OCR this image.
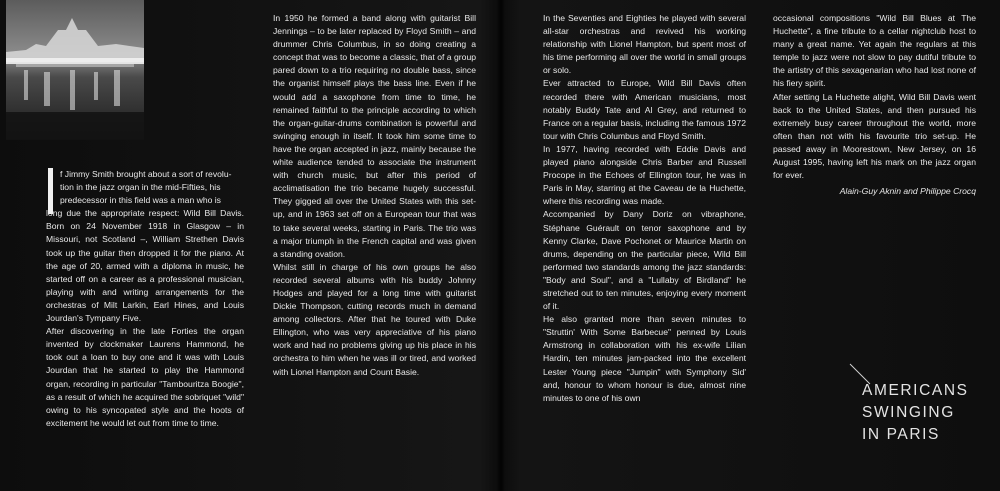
f Jimmy Smith brought about a sort of revolu-
tion in the jazz organ in the mid-Fifties, his
predecessor in this field was a man who is
long due the appropriate respect: Wild Bill Davis. Born on 24 November 1918 in Glasgow – in Missouri, not Scotland –, William Strethen Davis took up the guitar then dropped it for the piano. At the age of 20, armed with a diploma in music, he started off on a career as a professional musician, playing with and writing arrangements for the orchestras of Milt Larkin, Earl Hines, and Louis Jourdan's Tympany Five.

After discovering in the late Forties the organ invented by clockmaker Laurens Hammond, he took out a loan to buy one and it was with Louis Jourdan that he started to play the Hammond organ, recording in particular "Tambouritza Boogie", as a result of which he acquired the sobriquet "wild" owing to his syncopated style and the hoots of excitement he would let out from time to time.

In 1950 he formed a band along with guitarist Bill Jennings – to be later replaced by Floyd Smith – and drummer Chris Columbus, in so doing creating a concept that was to become a classic, that of a group pared down to a trio requiring no double bass, since the organist himself plays the bass line. Even if he would add a saxophone from time to time, he remained faithful to the principle according to which the organ-guitar-drums combination is powerful and swinging enough in itself. It took him some time to have the organ accepted in jazz, mainly because the white audience tended to associate the instrument with church music, but after this period of acclimatisation the trio became hugely successful. They gigged all over the United States with this set-up, and in 1963 set off on a European tour that was to take several weeks, starting in Paris. The trio was a major triumph in the French capital and was given a standing ovation.

Whilst still in charge of his own groups he also recorded several albums with his buddy Johnny Hodges and played for a long time with guitarist Dickie Thompson, cutting records much in demand among collectors. After that he toured with Duke Ellington, who was very appreciative of his piano work and had no problems giving up his place in his orchestra to him when he was ill or tired, and worked with Lionel Hampton and Count Basie.

In the Seventies and Eighties he played with several all-star orchestras and revived his working relationship with Lionel Hampton, but spent most of his time performing all over the world in small groups or solo.

Ever attracted to Europe, Wild Bill Davis often recorded there with American musicians, most notably Buddy Tate and Al Grey, and returned to France on a regular basis, including the famous 1972 tour with Chris Columbus and Floyd Smith.

In 1977, having recorded with Eddie Davis and played piano alongside Chris Barber and Russell Procope in the Echoes of Ellington tour, he was in Paris in May, starring at the Caveau de la Huchette, where this recording was made.

Accompanied by Dany Doriz on vibraphone, Stéphane Guérault on tenor saxophone and by Kenny Clarke, Dave Pochonet or Maurice Martin on drums, depending on the particular piece, Wild Bill performed two standards among the jazz standards: "Body and Soul", and a "Lullaby of Birdland" he stretched out to ten minutes, enjoying every moment of it.

He also granted more than seven minutes to "Struttin' With Some Barbecue" penned by Louis Armstrong in collaboration with his ex-wife Lilian Hardin, ten minutes jam-packed into the excellent Lester Young piece "Jumpin" with Symphony Sid' and, honour to whom honour is due, almost nine minutes to one of his own

occasional compositions "Wild Bill Blues at The Huchette", a fine tribute to a cellar nightclub host to many a great name. Yet again the regulars at this temple to jazz were not slow to pay dutiful tribute to the artistry of this sexagenarian who had lost none of his fiery spirit.

After setting La Huchette alight, Wild Bill Davis went back to the United States, and then pursued his extremely busy career throughout the world, more often than not with his favourite trio set-up. He passed away in Moorestown, New Jersey, on 16 August 1995, having left his mark on the jazz organ for ever.

Alain-Guy Aknin and Philippe Crocq

AMERICANS
SWINGING
IN PARIS
